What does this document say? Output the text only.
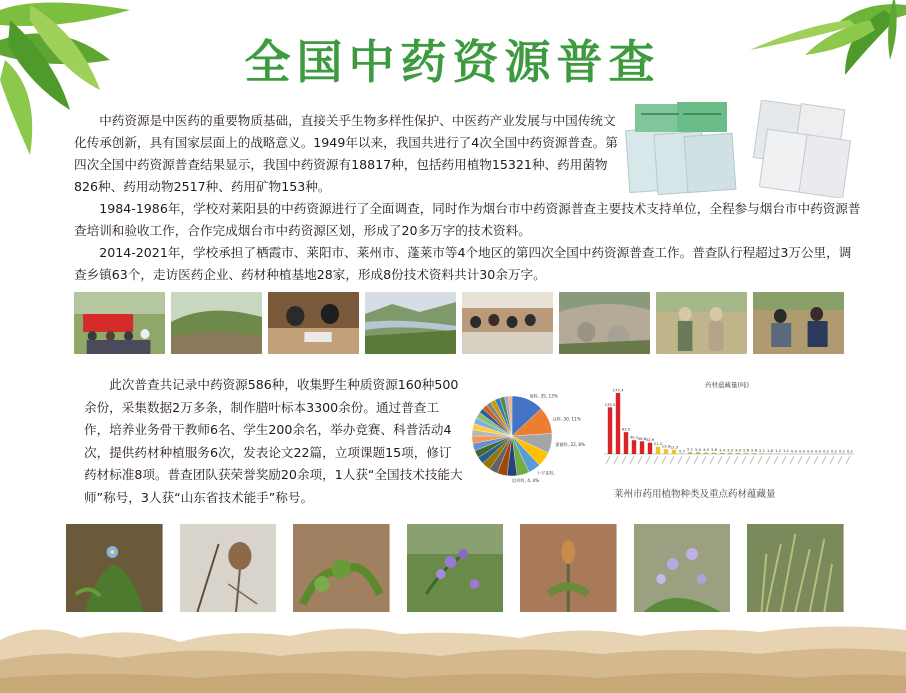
全国中药资源普查

中药资源是中医药的重要物质基础，直接关乎生物多样性保护、中医药产业发展与中国传统文化传承创新，具有国家层面上的战略意义。1949年以来，我国共进行了4次全国中药资源普查。第四次全国中药资源普查结果显示，我国中药资源有18817种，包括药用植物15321种、药用菌物826种、药用动物2517种、药用矿物153种。

1984-1986年，学校对莱阳县的中药资源进行了全面调查，同时作为烟台市中药资源普查主要技术支持单位，全程参与烟台市中药资源普查培训和验收工作，合作完成烟台市中药资源区划，形成了20多万字的技术资料。

2014-2021年，学校承担了栖霞市、莱阳市、莱州市、蓬莱市等4个地区的第四次全国中药资源普查工作。普查队行程超过3万公里，调查乡镇63个，走访医药企业、药材种植基地28家，形成8份技术资料共计30余万字。

此次普查共记录中药资源586种，收集野生种质资源160种500余份，采集数据2万多条，制作腊叶标本3300余份。通过普查工作，培养业务骨干教师6名、学生200余名，举办竞赛、科普活动4次，提供药材种植服务6次，发表论文22篇，立项课题15项，修订药材标准8项。普查团队获荣誉奖励20余项，1人获“全国技术技能大师”称号，3人获“山东省技术能手”称号。

菊科, 35, 13%
豆科, 30, 11%
蔷薇科, 22, 8%
十字花科,
唇形科, 4, 4%
药材蕴藏量(吨)
135.5
177.4
63.5
40.1 36.8 32.9
21.2
13.9 12.3
0.7 5.1 5.0 4.0 3.8 3.4 3.3 3.0 2.6 2.6 2.1 1.8 1.2 1.1 0.4 0.4 0.4 0.4 0.2 0.2 0.1 0.1
莱州市药用植物种类及重点药材蕴藏量
